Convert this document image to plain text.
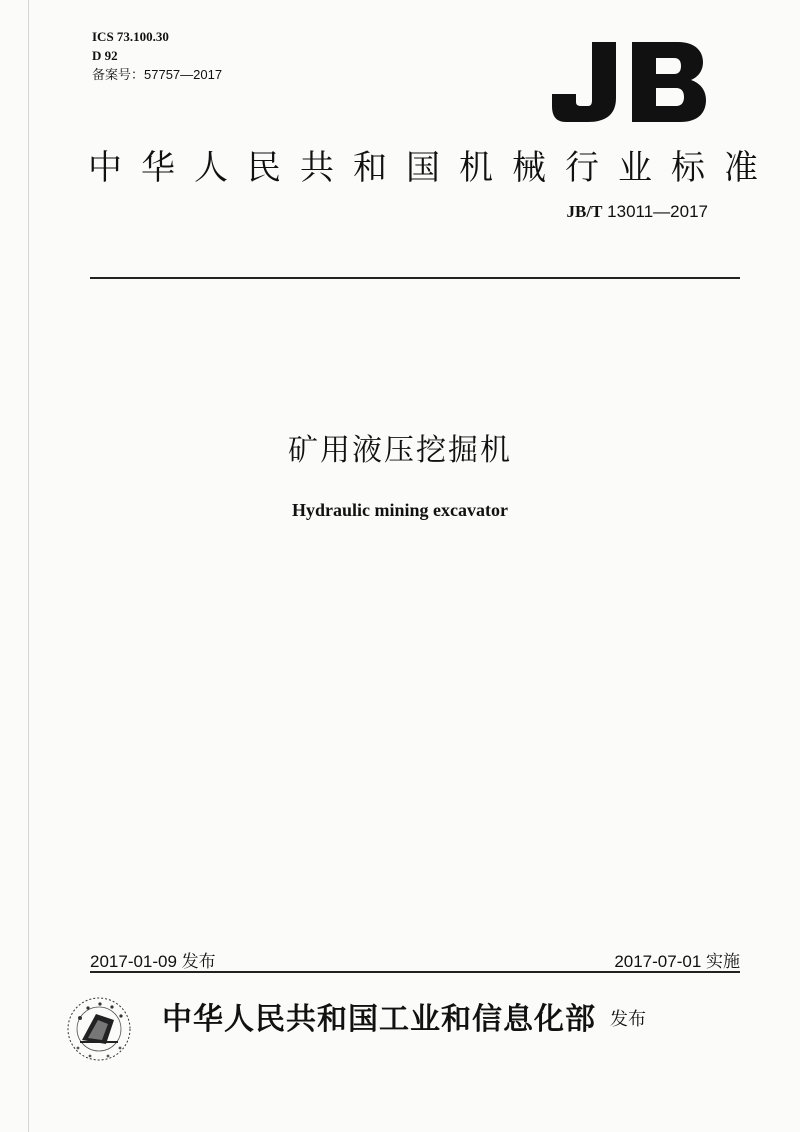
ICS 73.100.30
D 92
备案号：57757—2017
中华人民共和国机械行业标准
JB/T 13011—2017
矿用液压挖掘机
Hydraulic mining excavator
2017-01-09 发布	2017-07-01 实施
中华人民共和国工业和信息化部 发布
